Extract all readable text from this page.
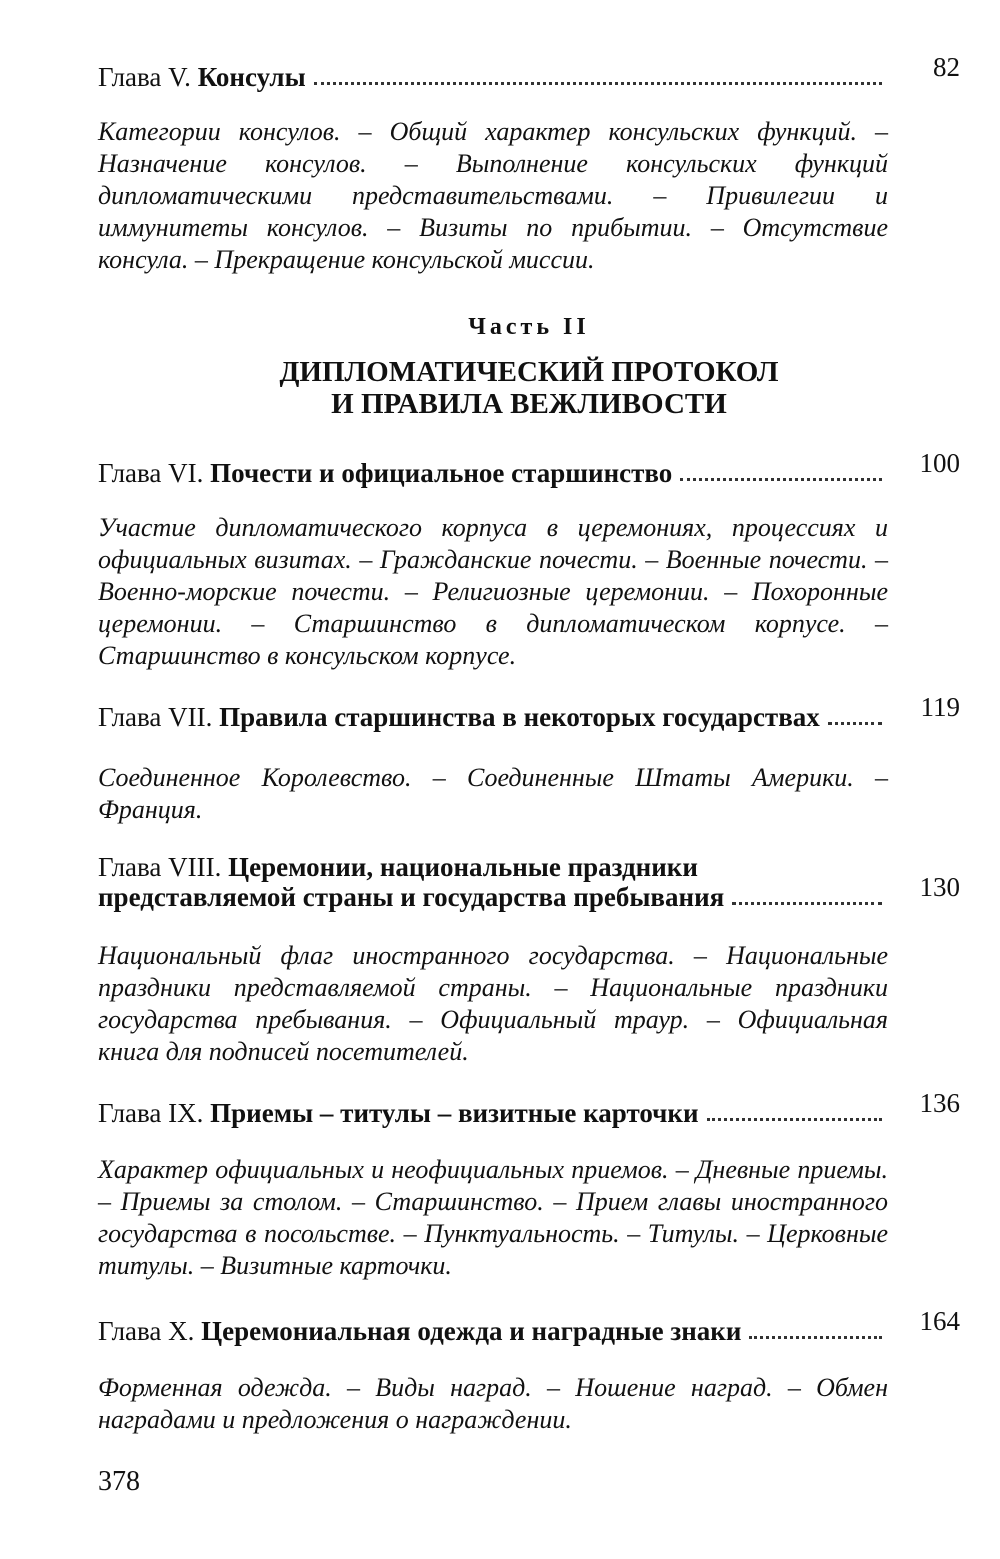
Глава V.
Консулы	82
Категории консулов. – Общий характер консульских функций. – Назначение консулов. – Выполнение консульских функций дипломатическими представительствами. – Привилегии и иммунитеты консулов. – Визиты по прибытии. – Отсутствие консула. – Прекращение консульской миссии.
Часть II
ДИПЛОМАТИЧЕСКИЙ ПРОТОКОЛ
И ПРАВИЛА ВЕЖЛИВОСТИ
Глава VI.
Почести и официальное старшинство	100
Участие дипломатического корпуса в церемониях, процессиях и официальных визитах. – Гражданские почести. – Военные почести. – Военно-морские почести. – Религиозные церемонии. – Похоронные церемонии. – Старшинство в дипломатическом корпусе. – Старшинство в консульском корпусе.
Глава VII.
Правила старшинства в некоторых государствах	119
Соединенное Королевство. – Соединенные Штаты Америки. – Франция.
Глава VIII.
Церемонии, национальные праздники
представляемой страны и государства пребывания	130
Национальный флаг иностранного государства. – Национальные праздники представляемой страны. – Национальные праздники государства пребывания. – Официальный траур. – Официальная книга для подписей посетителей.
Глава IX.
Приемы – титулы – визитные карточки	136
Характер официальных и неофициальных приемов. – Дневные приемы. – Приемы за столом. – Старшинство. – Прием главы иностранного государства в посольстве. – Пунктуальность. – Титулы. – Церковные титулы. – Визитные карточки.
Глава X.
Церемониальная одежда и наградные знаки	164
Форменная одежда. – Виды наград. – Ношение наград. – Обмен наградами и предложения о награждении.
378
